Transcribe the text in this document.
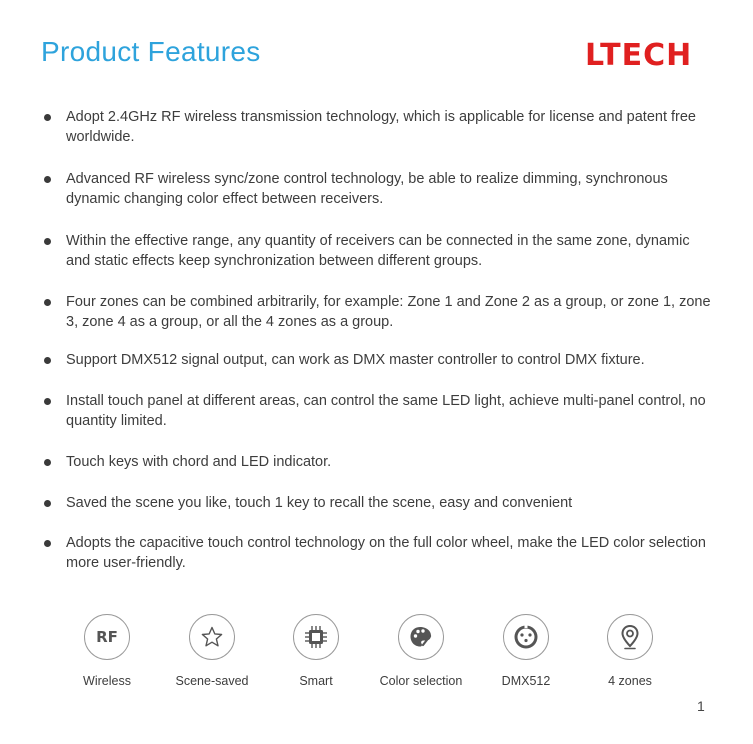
Product Features	LTECH
Adopt 2.4GHz RF wireless transmission technology, which is applicable for license and patent free worldwide.
Advanced RF wireless sync/zone control technology, be able to realize dimming, synchronous dynamic changing color effect between receivers.
Within the effective range, any quantity of receivers can be connected in the same zone, dynamic and static effects keep synchronization between different groups.
Four zones can be combined arbitrarily, for example: Zone 1 and Zone 2 as a group, or zone 1, zone 3, zone 4 as a group, or all the 4 zones as a group.
Support DMX512 signal output, can work as DMX master controller to control DMX fixture.
Install touch panel at different areas, can control the same LED light, achieve multi-panel control, no quantity limited.
Touch keys with chord and LED indicator.
Saved the scene you like, touch 1 key to recall the scene, easy and convenient
Adopts the capacitive touch control technology on the full color wheel, make the LED color selection more user-friendly.
RF
Wireless	Scene-saved	Smart	Color selection	DMX512	4 zones
1
